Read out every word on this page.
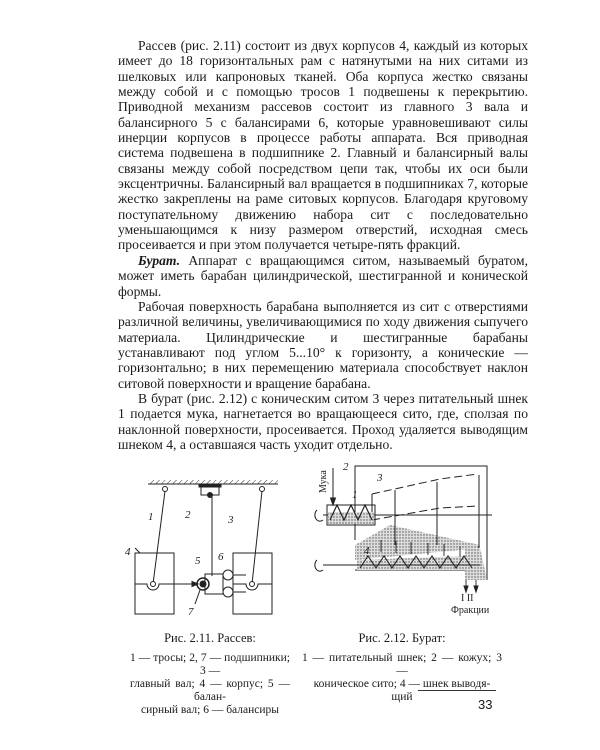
Рассев (рис. 2.11) состоит из двух корпусов 4, каждый из которых имеет до 18 горизонтальных рам с натянутыми на них ситами из шелковых или капроновых тканей. Оба корпуса жестко связаны между собой и с помощью тросов 1 подвешены к перекрытию. Приводной механизм рассевов состоит из главного 3 вала и балансирного 5 с балансирами 6, которые уравновешивают силы инерции корпусов в процессе работы аппарата. Вся приводная система подвешена в подшипнике 2. Главный и балансирный валы связаны между собой посредством цепи так, чтобы их оси были эксцентричны. Балансирный вал вращается в подшипниках 7, которые жестко закреплены на раме ситовых корпусов. Благодаря круговому поступательному движению набора сит с последовательно уменьшающимся к низу размером отверстий, исходная смесь просеивается и при этом получается четыре-пять фракций.

Бурат. Аппарат с вращающимся ситом, называемый буратом, может иметь барабан цилиндрической, шестигранной и конической формы.

Рабочая поверхность барабана выполняется из сит с отверстиями различной величины, увеличивающимися по ходу движения сыпучего материала. Цилиндрические и шестигранные барабаны устанавливают под углом 5...10° к горизонту, а конические — горизонтально; в них перемещению материала способствует наклон ситовой поверхности и вращение барабана.

В бурат (рис. 2.12) с коническим ситом 3 через питательный шнек 1 подается мука, нагнетается во вращающееся сито, где, сползая по наклонной поверхности, просеивается. Проход удаляется выводящим шнеком 4, а оставшаяся часть уходит отдельно.

1	2	3
4
5 6
7
Мука
1
2
3
4
I II
Фракции
Рис. 2.11. Рассев:
1 — тросы; 2, 7 — подшипники; 3 —
главный вал; 4 — корпус; 5 — балан-
сирный вал; 6 — балансиры
Рис. 2.12. Бурат:
1 — питательный шнек; 2 — кожух; 3 —
коническое сито; 4 — шнек выводя-
щий	33
